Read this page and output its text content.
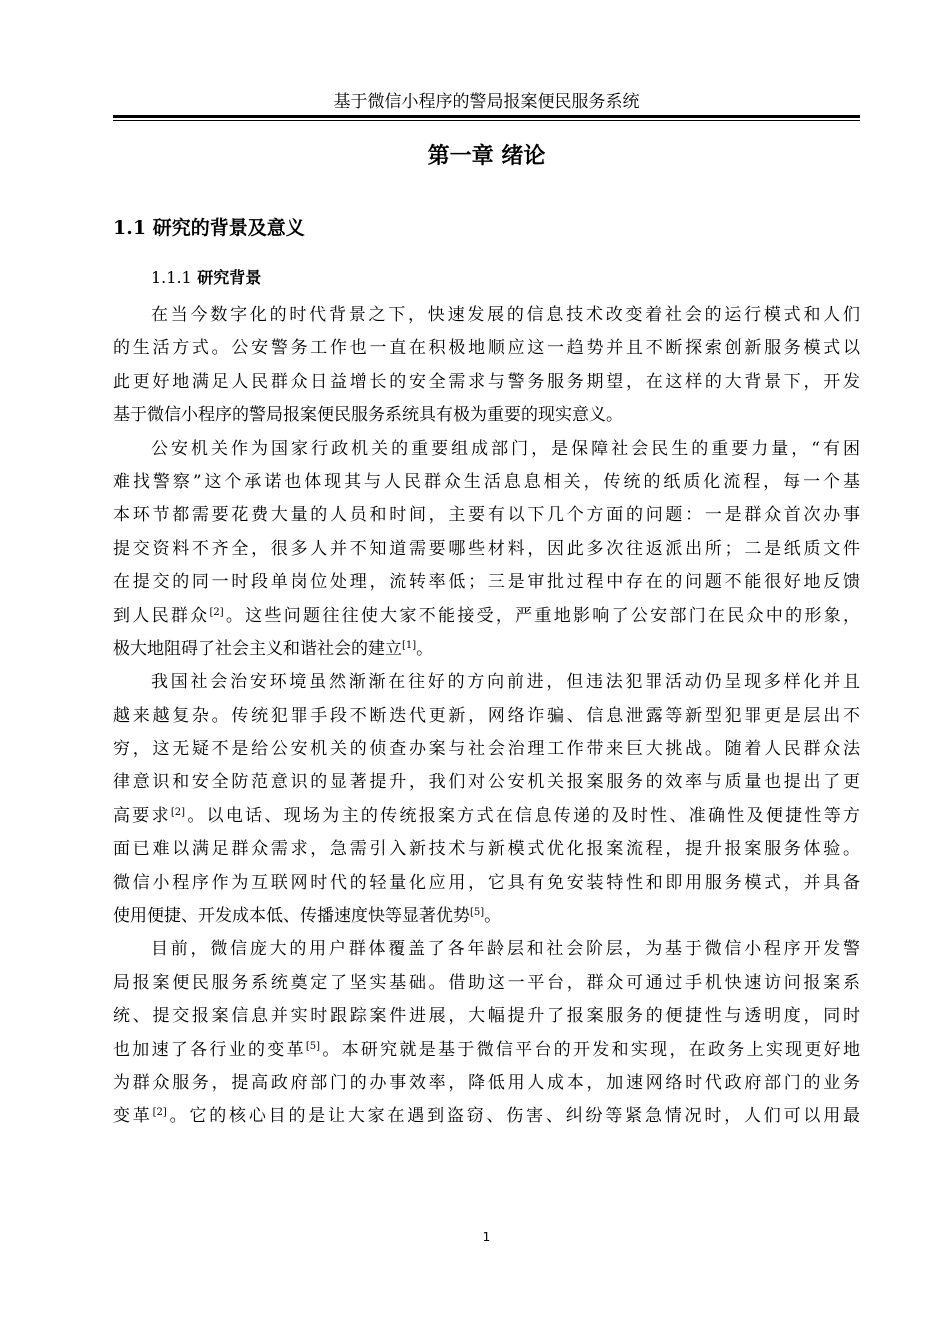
基于微信小程序的警局报案便民服务系统
第一章 绪论
1.1 研究的背景及意义
1.1.1 研究背景
在当今数字化的时代背景之下，快速发展的信息技术改变着社会的运行模式和人们
的生活方式。公安警务工作也一直在积极地顺应这一趋势并且不断探索创新服务模式以
此更好地满足人民群众日益增长的安全需求与警务服务期望，在这样的大背景下，开发
基于微信小程序的警局报案便民服务系统具有极为重要的现实意义。
公安机关作为国家行政机关的重要组成部门，是保障社会民生的重要力量，“有困
难找警察”这个承诺也体现其与人民群众生活息息相关，传统的纸质化流程，每一个基
本环节都需要花费大量的人员和时间，主要有以下几个方面的问题：一是群众首次办事
提交资料不齐全，很多人并不知道需要哪些材料，因此多次往返派出所；二是纸质文件
在提交的同一时段单岗位处理，流转率低；三是审批过程中存在的问题不能很好地反馈
到人民群众[2]。这些问题往往使大家不能接受，严重地影响了公安部门在民众中的形象，
极大地阻碍了社会主义和谐社会的建立[1]。
我国社会治安环境虽然渐渐在往好的方向前进，但违法犯罪活动仍呈现多样化并且
越来越复杂。传统犯罪手段不断迭代更新，网络诈骗、信息泄露等新型犯罪更是层出不
穷，这无疑不是给公安机关的侦查办案与社会治理工作带来巨大挑战。随着人民群众法
律意识和安全防范意识的显著提升，我们对公安机关报案服务的效率与质量也提出了更
高要求[2]。以电话、现场为主的传统报案方式在信息传递的及时性、准确性及便捷性等方
面已难以满足群众需求，急需引入新技术与新模式优化报案流程，提升报案服务体验。
微信小程序作为互联网时代的轻量化应用，它具有免安装特性和即用服务模式，并具备
使用便捷、开发成本低、传播速度快等显著优势[5]。
目前，微信庞大的用户群体覆盖了各年龄层和社会阶层，为基于微信小程序开发警
局报案便民服务系统奠定了坚实基础。借助这一平台，群众可通过手机快速访问报案系
统、提交报案信息并实时跟踪案件进展，大幅提升了报案服务的便捷性与透明度，同时
也加速了各行业的变革[5]。本研究就是基于微信平台的开发和实现，在政务上实现更好地
为群众服务，提高政府部门的办事效率，降低用人成本，加速网络时代政府部门的业务
变革[2]。它的核心目的是让大家在遇到盗窃、伤害、纠纷等紧急情况时，人们可以用最
1
